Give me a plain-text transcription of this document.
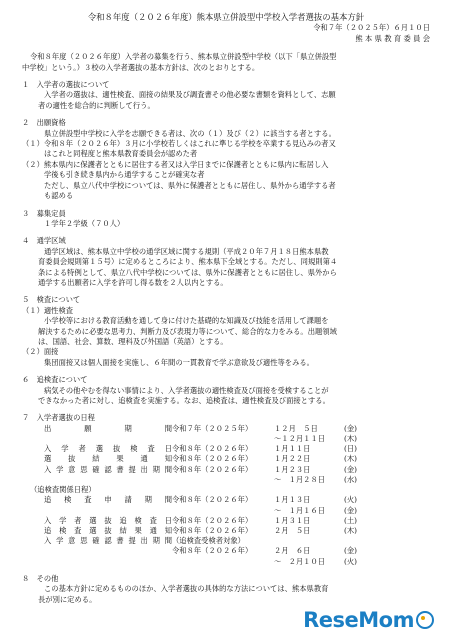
令和８年度（２０２６年度）熊本県立併設型中学校入学者選抜の基本方針
令和７年（２０２５年）６月１０日
熊 本 県 教 育 委 員 会
令和８年度（２０２６年度）入学者の募集を行う、熊本県立併設型中学校（以下「県立併設型
中学校」という。）３校の入学者選抜の基本方針は、次のとおりとする。
１　入学者の選抜について
入学者の選抜は、適性検査、面接の結果及び調査書その他必要な書類を資料として、志願
者の適性を総合的に判断して行う。
２　出願資格
県立併設型中学校に入学を志願できる者は、次の（１）及び（２）に該当する者とする。
（１）令和８年（２０２６年）３月に小学校若しくはこれに準じる学校を卒業する見込みの者又
はこれと同程度と熊本県教育委員会が認めた者
（２）熊本県内に保護者とともに居住する者又は入学日までに保護者とともに県内に転居し入
学後も引き続き県内から通学することが確実な者
ただし、県立八代中学校については、県外に保護者とともに居住し、県外から通学する者
も認める
３　募集定員
１学年２学級（７０人）
４　通学区域
通学区域は、熊本県立中学校の通学区域に関する規則（平成２０年７月１８日熊本県教
育委員会規則第１５号）に定めるところにより、熊本県下全域とする。ただし、同規則第４
条による特例として、県立八代中学校については、県外に保護者とともに居住し、県外から
通学する出願者に入学を許可し得る数を２人以内とする。
５　検査について
（１）適性検査
小学校等における教育活動を通して身に付けた基礎的な知識及び技能を活用して課題を
解決するために必要な思考力、判断力及び表現力等について、総合的な力をみる。出題領域
は、国語、社会、算数、理科及び外国語（英語）とする。
（２）面接
集団面接又は個人面接を実施し、６年間の一貫教育で学ぶ意欲及び適性等をみる。
６　追検査について
病気その他やむを得ない事情により、入学者選抜の適性検査及び面接を受検することが
できなかった者に対し、追検査を実施する。なお、追検査は、適性検査及び面接とする。
７　入学者選抜の日程
出願期間 令和７年（２０２５年）	１２月　５日	(金)
～１２月１１日	(木)
入学者選抜検査日 令和８年（２０２６年）	１月１１日	(日)
選抜結果通知 令和８年（２０２６年）	１月２２日	(木)
入学意思確認書提出期間 令和８年（２０２６年）	１月２３日	(金)
～　１月２８日	(水)
（追検査関係日程）
追検査申請期間 令和８年（２０２６年）	１月１３日	(火)
～　１月１６日	(金)
入学者選抜追検査日 令和８年（２０２６年）	１月３１日	(土)
追検査選抜結果通知 令和８年（２０２６年）	２月　５日	(木)
入学意思確認書提出期間 （追検査受検者対象）
令和８年（２０２６年）	２月　６日	(金)
～　２月１０日	(火)
８　その他
この基本方針に定めるもののほか、入学者選抜の具体的な方法については、熊本県教育
長が別に定める。
ReseMom
